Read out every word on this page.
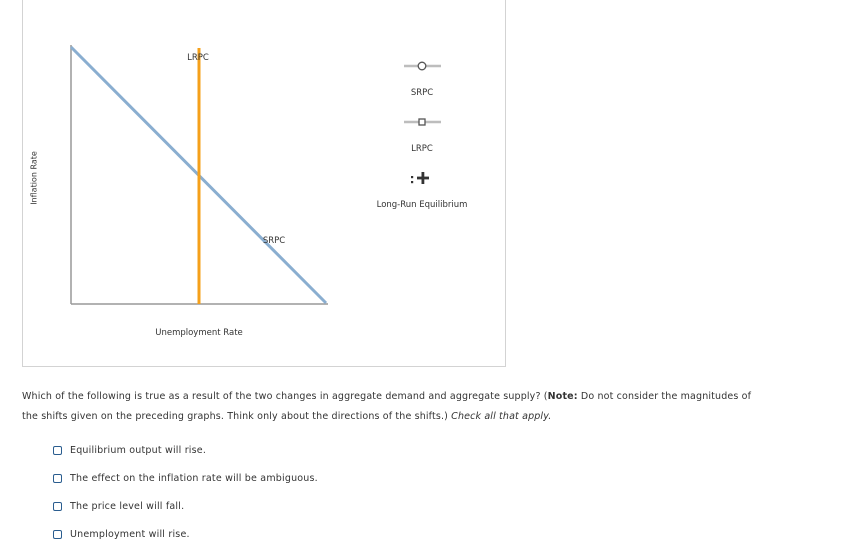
LRPC
SRPC
Unemployment Rate
SRPC
LRPC
Long-Run Equilibrium
Inflation Rate
Which of the following is true as a result of the two changes in aggregate demand and aggregate supply? (Note: Do not consider the magnitudes of the shifts given on the preceding graphs. Think only about the directions of the shifts.) Check all that apply.
Equilibrium output will rise.
The effect on the inflation rate will be ambiguous.
The price level will fall.
Unemployment will rise.
